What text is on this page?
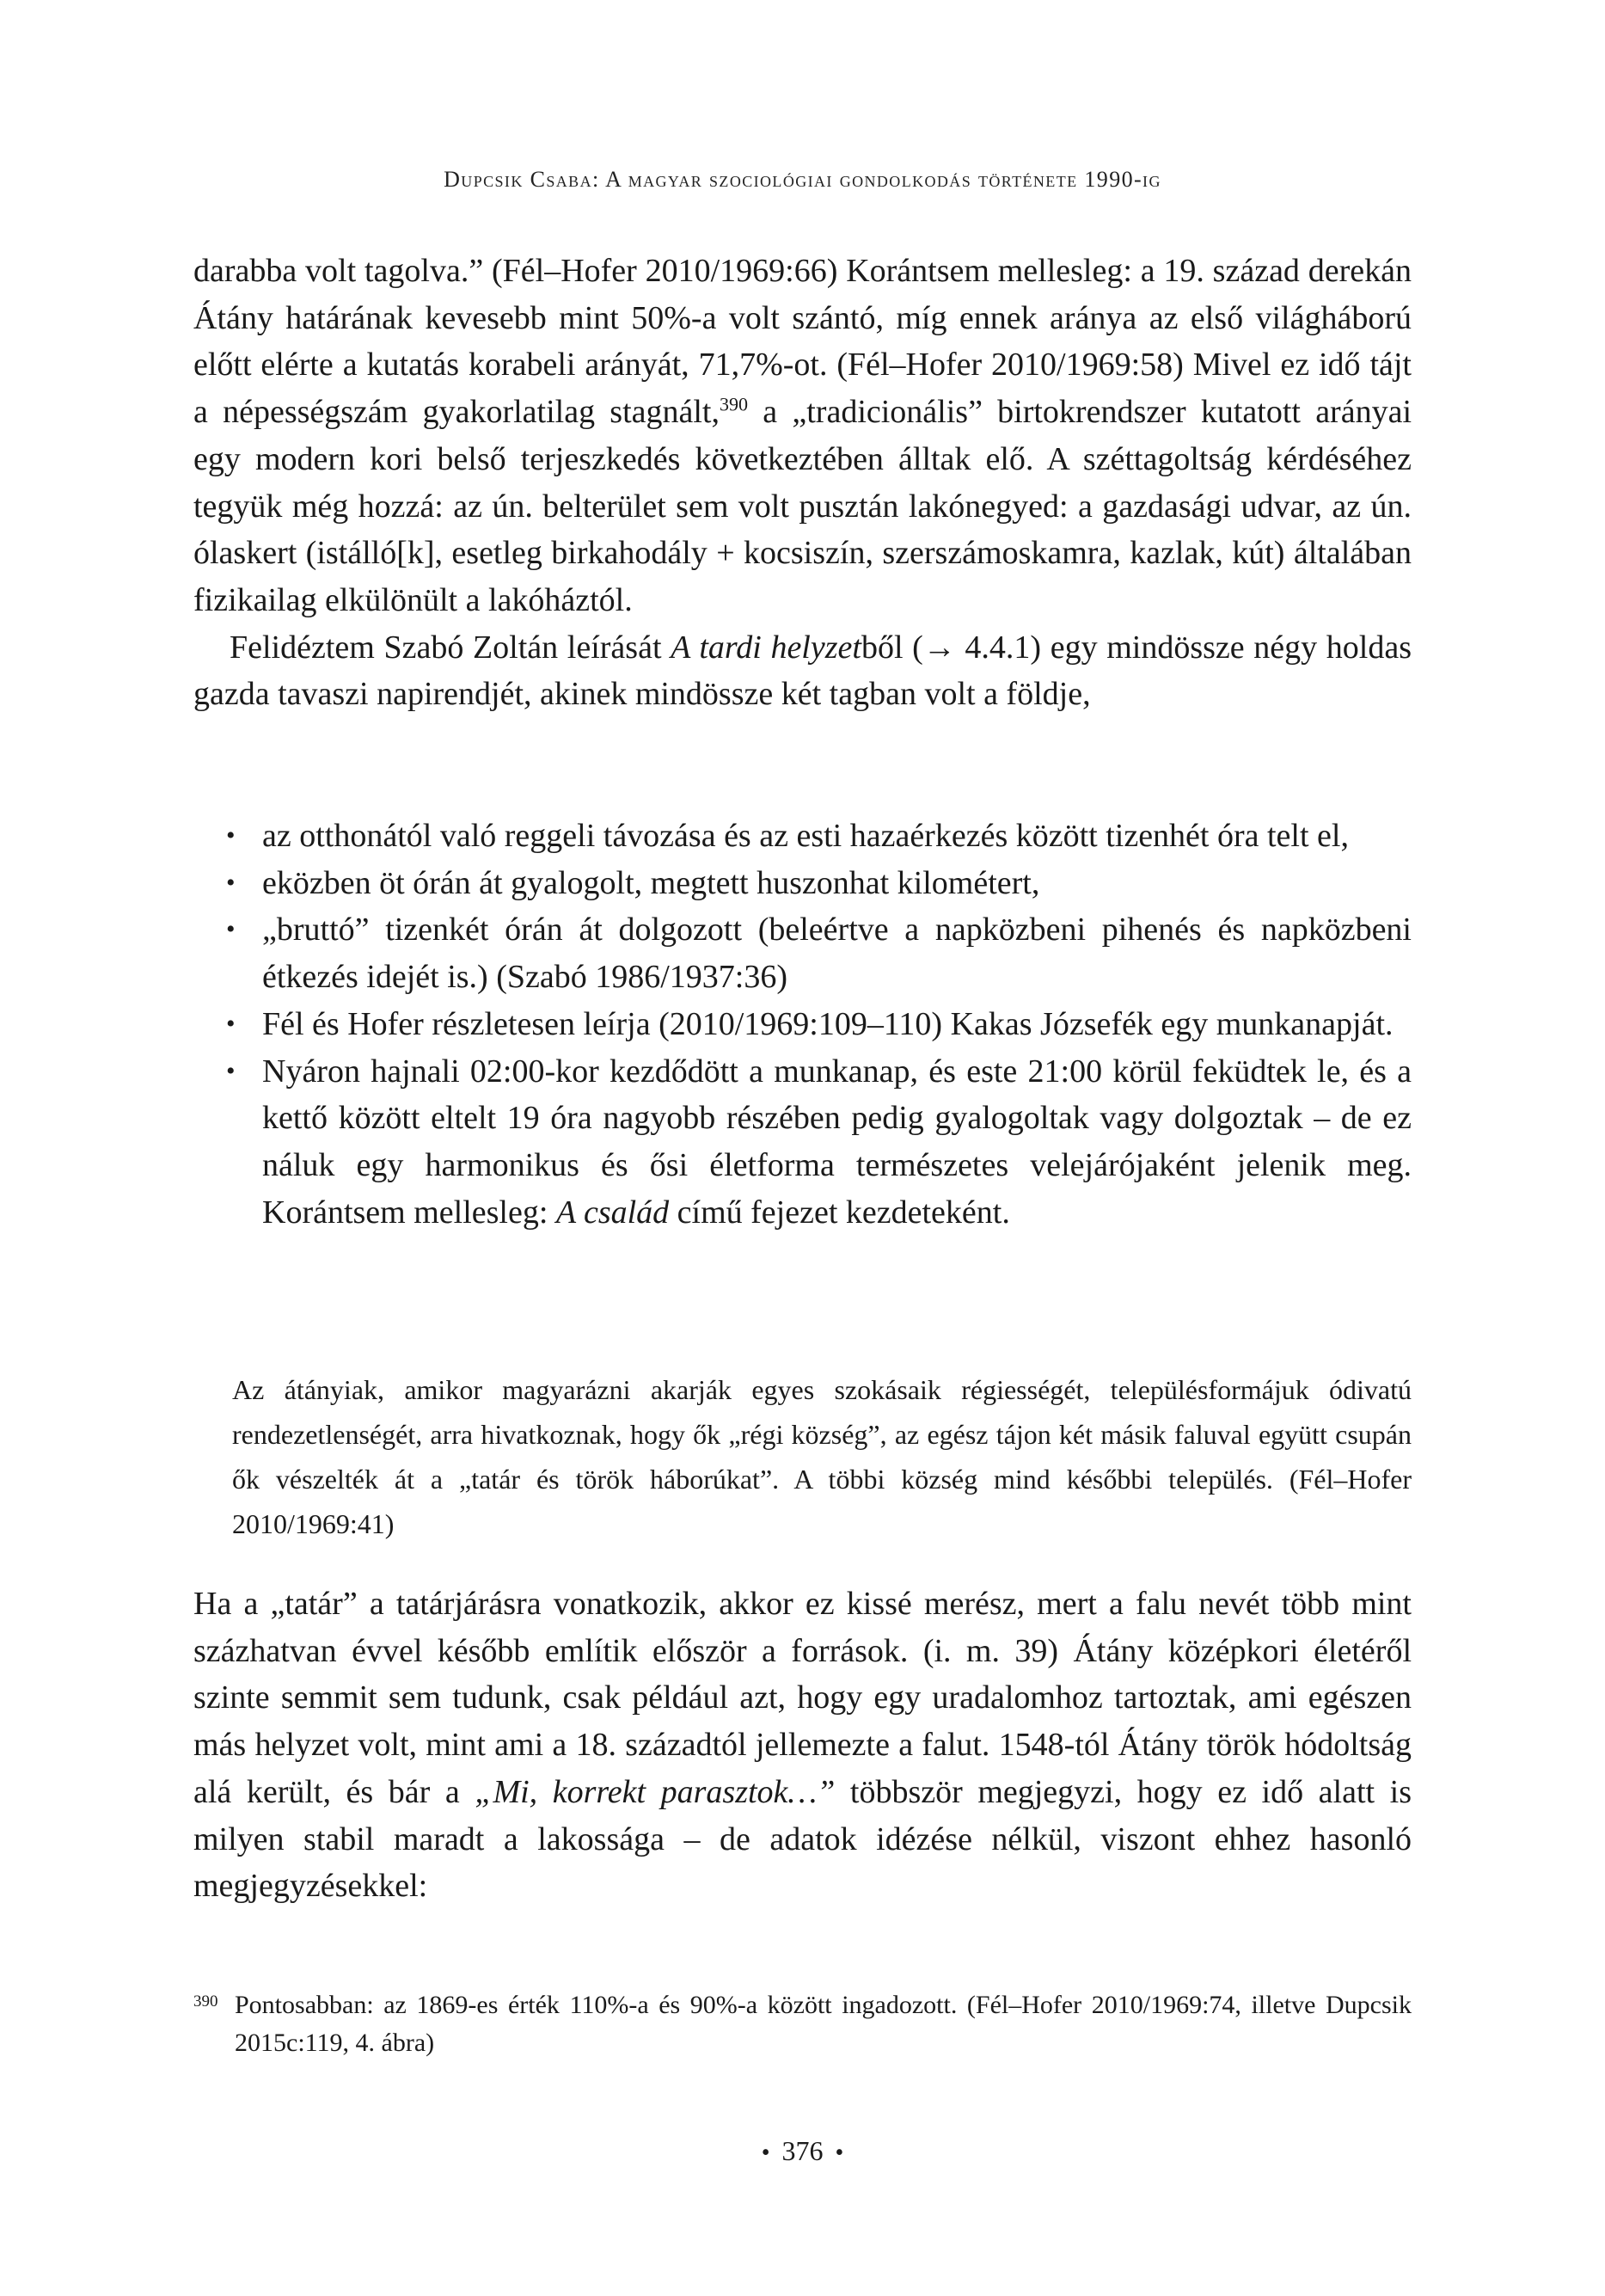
Dupcsik Csaba: A magyar szociológiai gondolkodás története 1990-ig

darabba volt tagolva.” (Fél–Hofer 2010/1969:66) Korántsem mellesleg: a 19. század derekán Átány határának kevesebb mint 50%-a volt szántó, míg ennek aránya az első világháború előtt elérte a kutatás korabeli arányát, 71,7%-ot. (Fél–Hofer 2010/1969:58) Mivel ez idő tájt a népességszám gyakorlatilag stagnált,$^{390}$ a „tradicionális” birtokrendszer kutatott arányai egy modern kori belső terjeszkedés következtében álltak elő. A széttagoltság kérdéséhez tegyük még hozzá: az ún. belterület sem volt pusztán lakónegyed: a gazdasági udvar, az ún. ólaskert (istálló[k], esetleg birkahodály + kocsiszín, szerszámoskamra, kazlak, kút) általában fizikailag elkülönült a lakóháztól.

Felidéztem Szabó Zoltán leírását A tardi helyzetből (→ 4.4.1) egy mindössze négy holdas gazda tavaszi napirendjét, akinek mindössze két tagban volt a földje,

• az otthonától való reggeli távozása és az esti hazaérkezés között tizenhét óra telt el,
• eközben öt órán át gyalogolt, megtett huszonhat kilométert,
• „bruttó” tizenkét órán át dolgozott (beleértve a napközbeni pihenés és napközbeni étkezés idejét is.) (Szabó 1986/1937:36)
• Fél és Hofer részletesen leírja (2010/1969:109–110) Kakas Józsefék egy munkanapját.
• Nyáron hajnali 02:00-kor kezdődött a munkanap, és este 21:00 körül feküdtek le, és a kettő között eltelt 19 óra nagyobb részében pedig gyalogoltak vagy dolgoztak – de ez náluk egy harmonikus és ősi életforma természetes velejárójaként jelenik meg. Korántsem mellesleg: A család című fejezet kezdeteként.

Az átányiak, amikor magyarázni akarják egyes szokásaik régiességét, településformájuk ódivatú rendezetlenségét, arra hivatkoznak, hogy ők „régi község”, az egész tájon két másik faluval együtt csupán ők vészelték át a „tatár és török háborúkat”. A többi község mind későbbi település. (Fél–Hofer 2010/1969:41)

Ha a „tatár” a tatárjárásra vonatkozik, akkor ez kissé merész, mert a falu nevét több mint százhatvan évvel később említik először a források. (i. m. 39) Átány középkori életéről szinte semmit sem tudunk, csak például azt, hogy egy uradalomhoz tartoztak, ami egészen más helyzet volt, mint ami a 18. századtól jellemezte a falut. 1548-tól Átány török hódoltság alá került, és bár a „Mi, korrekt parasztok…” többször megjegyzi, hogy ez idő alatt is milyen stabil maradt a lakossága – de adatok idézése nélkül, viszont ehhez hasonló megjegyzésekkel:

390 Pontosabban: az 1869-es érték 110%-a és 90%-a között ingadozott. (Fél–Hofer 2010/1969:74, illetve Dupcsik 2015c:119, 4. ábra)
• 376 •
